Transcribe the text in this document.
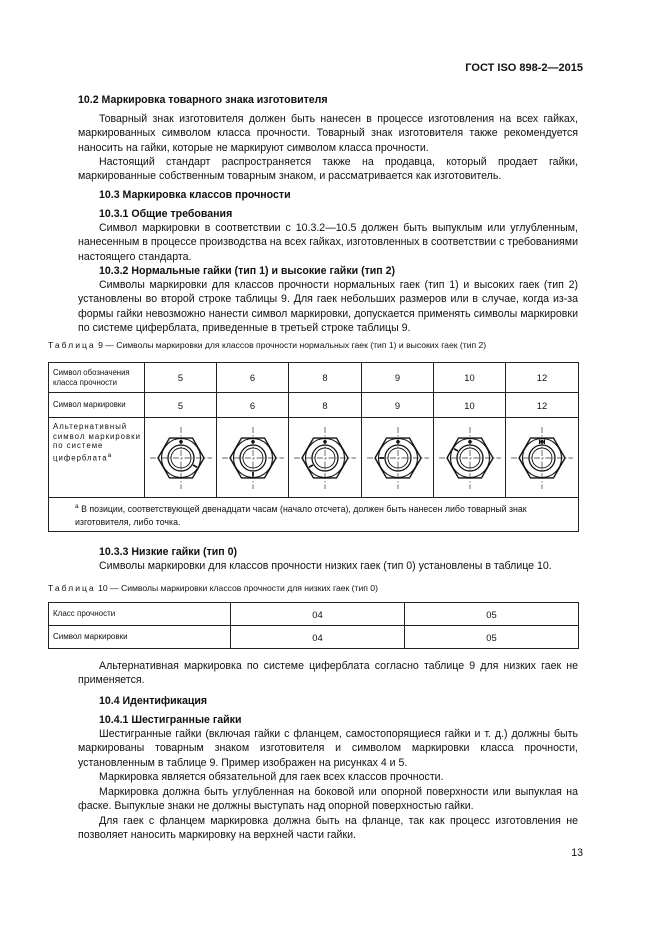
ГОСТ ISO 898-2—2015
10.2 Маркировка товарного знака изготовителя
Товарный знак изготовителя должен быть нанесен в процессе изготовления на всех гайках, маркированных символом класса прочности. Товарный знак изготовителя также рекомендуется наносить на гайки, которые не маркируют символом класса прочности.
Настоящий стандарт распространяется также на продавца, который продает гайки, маркированные собственным товарным знаком, и рассматривается как изготовитель.
10.3 Маркировка классов прочности
10.3.1 Общие требования
Символ маркировки в соответствии с 10.3.2—10.5 должен быть выпуклым или углубленным, нанесенным в процессе производства на всех гайках, изготовленных в соответствии с требованиями настоящего стандарта.
10.3.2 Нормальные гайки (тип 1) и высокие гайки (тип 2)
Символы маркировки для классов прочности нормальных гаек (тип 1) и высоких гаек (тип 2) установлены во второй строке таблицы 9. Для гаек небольших размеров или в случае, когда из-за формы гайки невозможно нанести символ маркировки, допускается применять символы маркировки по системе циферблата, приведенные в третьей строке таблицы 9.
Таблица 9 — Символы маркировки для классов прочности нормальных гаек (тип 1) и высоких гаек (тип 2)
Символ обозначения класса прочности	5	6	8	9	10	12
Символ маркировки	5	6	8	9	10	12
Альтернативный символ маркировки по системе циферблата$^a$	

$^a$ В позиции, соответствующей двенадцати часам (начало отсчета), должен быть нанесен либо товарный знак изготовителя, либо точка.						
10.3.3 Низкие гайки (тип 0)
Символы маркировки для классов прочности низких гаек (тип 0) установлены в таблице 10.
Таблица 10 — Символы маркировки классов прочности для низких гаек (тип 0)
Класс прочности	04	05
Символ маркировки	04	05
Альтернативная маркировка по системе циферблата согласно таблице 9 для низких гаек не применяется.
10.4 Идентификация
10.4.1 Шестигранные гайки
Шестигранные гайки (включая гайки с фланцем, самостопорящиеся гайки и т. д.) должны быть маркированы товарным знаком изготовителя и символом маркировки класса прочности, установленным в таблице 9. Пример изображен на рисунках 4 и 5.
Маркировка является обязательной для гаек всех классов прочности.
Маркировка должна быть углубленная на боковой или опорной поверхности или выпуклая на фаске. Выпуклые знаки не должны выступать над опорной поверхностью гайки.
Для гаек с фланцем маркировка должна быть на фланце, так как процесс изготовления не позволяет наносить маркировку на верхней части гайки.
13
